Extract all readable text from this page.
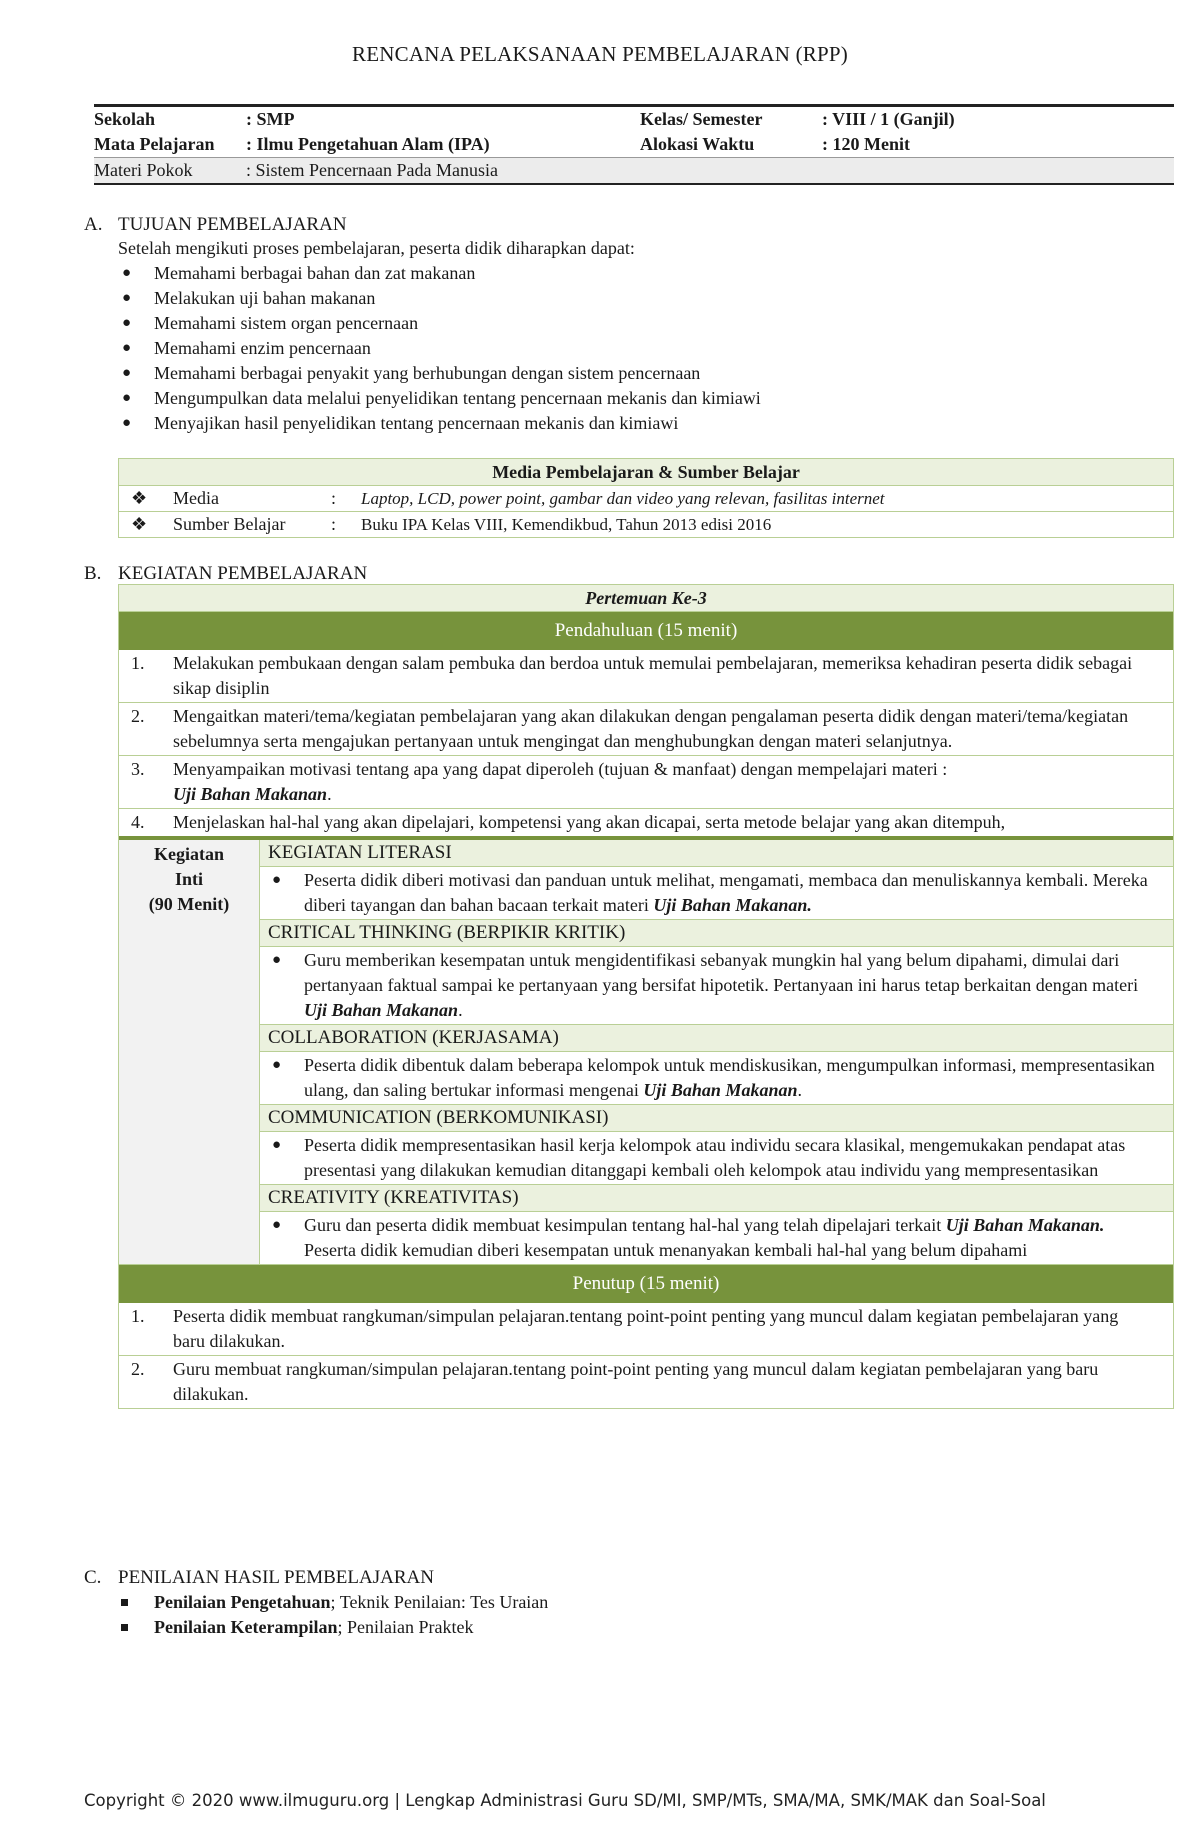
RENCANA PELAKSANAAN PEMBELAJARAN (RPP)
Sekolah	: SMP	Kelas/ Semester	: VIII / 1 (Ganjil)
Mata Pelajaran : Ilmu Pengetahuan Alam (IPA)	Alokasi Waktu	: 120 Menit
Materi Pokok	: Sistem Pencernaan Pada Manusia
A. TUJUAN PEMBELAJARAN
Setelah mengikuti proses pembelajaran, peserta didik diharapkan dapat:
● Memahami berbagai bahan dan zat makanan
● Melakukan uji bahan makanan
● Memahami sistem organ pencernaan
● Memahami enzim pencernaan
● Memahami berbagai penyakit yang berhubungan dengan sistem pencernaan
● Mengumpulkan data melalui penyelidikan tentang pencernaan mekanis dan kimiawi
● Menyajikan hasil penyelidikan tentang pencernaan mekanis dan kimiawi
Media Pembelajaran & Sumber Belajar
❖ Media	: Laptop, LCD, power point, gambar dan video yang relevan, fasilitas internet
❖ Sumber Belajar	: Buku IPA Kelas VIII, Kemendikbud, Tahun 2013 edisi 2016
B. KEGIATAN PEMBELAJARAN
Pertemuan Ke-3
Pendahuluan (15 menit)
1. Melakukan pembukaan dengan salam pembuka dan berdoa untuk memulai pembelajaran, memeriksa kehadiran peserta didik sebagai sikap disiplin
2. Mengaitkan materi/tema/kegiatan pembelajaran yang akan dilakukan dengan pengalaman peserta didik dengan materi/tema/kegiatan sebelumnya serta mengajukan pertanyaan untuk mengingat dan menghubungkan dengan materi selanjutnya.
3. Menyampaikan motivasi tentang apa yang dapat diperoleh (tujuan & manfaat) dengan mempelajari materi :
Uji Bahan Makanan.
4. Menjelaskan hal-hal yang akan dipelajari, kompetensi yang akan dicapai, serta metode belajar yang akan ditempuh,
Kegiatan
Inti
(90 Menit)
KEGIATAN LITERASI
● Peserta didik diberi motivasi dan panduan untuk melihat, mengamati, membaca dan menuliskannya kembali. Mereka diberi tayangan dan bahan bacaan terkait materi Uji Bahan Makanan.
CRITICAL THINKING (BERPIKIR KRITIK)
● Guru memberikan kesempatan untuk mengidentifikasi sebanyak mungkin hal yang belum dipahami, dimulai dari pertanyaan faktual sampai ke pertanyaan yang bersifat hipotetik. Pertanyaan ini harus tetap berkaitan dengan materi Uji Bahan Makanan.
COLLABORATION (KERJASAMA)
● Peserta didik dibentuk dalam beberapa kelompok untuk mendiskusikan, mengumpulkan informasi, mempresentasikan ulang, dan saling bertukar informasi mengenai Uji Bahan Makanan.
COMMUNICATION (BERKOMUNIKASI)
● Peserta didik mempresentasikan hasil kerja kelompok atau individu secara klasikal, mengemukakan pendapat atas presentasi yang dilakukan kemudian ditanggapi kembali oleh kelompok atau individu yang mempresentasikan
CREATIVITY (KREATIVITAS)
● Guru dan peserta didik membuat kesimpulan tentang hal-hal yang telah dipelajari terkait Uji Bahan Makanan. Peserta didik kemudian diberi kesempatan untuk menanyakan kembali hal-hal yang belum dipahami
Penutup (15 menit)
1. Peserta didik membuat rangkuman/simpulan pelajaran.tentang point-point penting yang muncul dalam kegiatan pembelajaran yang baru dilakukan.
2. Guru membuat rangkuman/simpulan pelajaran.tentang point-point penting yang muncul dalam kegiatan pembelajaran yang baru dilakukan.
C. PENILAIAN HASIL PEMBELAJARAN
Penilaian Pengetahuan; Teknik Penilaian: Tes Uraian
Penilaian Keterampilan; Penilaian Praktek
Copyright © 2020 www.ilmuguru.org | Lengkap Administrasi Guru SD/MI, SMP/MTs, SMA/MA, SMK/MAK dan Soal-Soal
